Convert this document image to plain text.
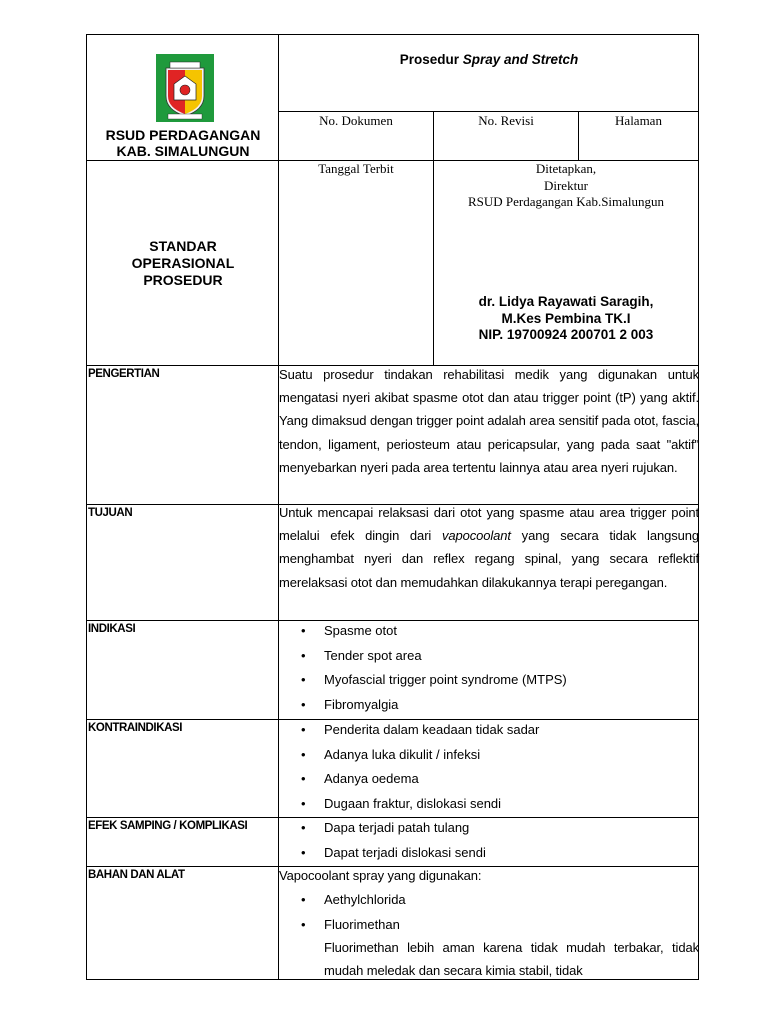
Prosedur Spray and Stretch
RSUD PERDAGANGAN
KAB. SIMALUNGUN
No. Dokumen	No. Revisi	Halaman
STANDAR
OPERASIONAL
PROSEDUR
Tanggal Terbit	Ditetapkan,
Direktur
RSUD Perdagangan Kab.Simalungun
dr. Lidya Rayawati Saragih,
M.Kes Pembina TK.I
NIP. 19700924 200701 2 003
PENGERTIAN	Suatu prosedur tindakan rehabilitasi medik yang digunakan untuk mengatasi nyeri akibat spasme otot dan atau trigger point (tP) yang aktif. Yang dimaksud dengan trigger point adalah area sensitif pada otot, fascia, tendon, ligament, periosteum atau pericapsular, yang pada saat "aktif" menyebarkan nyeri pada area tertentu lainnya atau area nyeri rujukan.
TUJUAN	Untuk mencapai relaksasi dari otot yang spasme atau area trigger point melalui efek dingin dari vapocoolant yang secara tidak langsung menghambat nyeri dan reflex regang spinal, yang secara reflektif merelaksasi otot dan memudahkan dilakukannya terapi peregangan.
INDIKASI	• Spasme otot
• Tender spot area
• Myofascial trigger point syndrome (MTPS)
• Fibromyalgia
KONTRAINDIKASI	• Penderita dalam keadaan tidak sadar
• Adanya luka dikulit / infeksi
• Adanya oedema
• Dugaan fraktur, dislokasi sendi
EFEK SAMPING / KOMPLIKASI	• Dapa terjadi patah tulang
• Dapat terjadi dislokasi sendi
BAHAN DAN ALAT	Vapocoolant spray yang digunakan:
• Aethylchlorida
• Fluorimethan
Fluorimethan lebih aman karena tidak mudah terbakar, tidak mudah meledak dan secara kimia stabil, tidak
